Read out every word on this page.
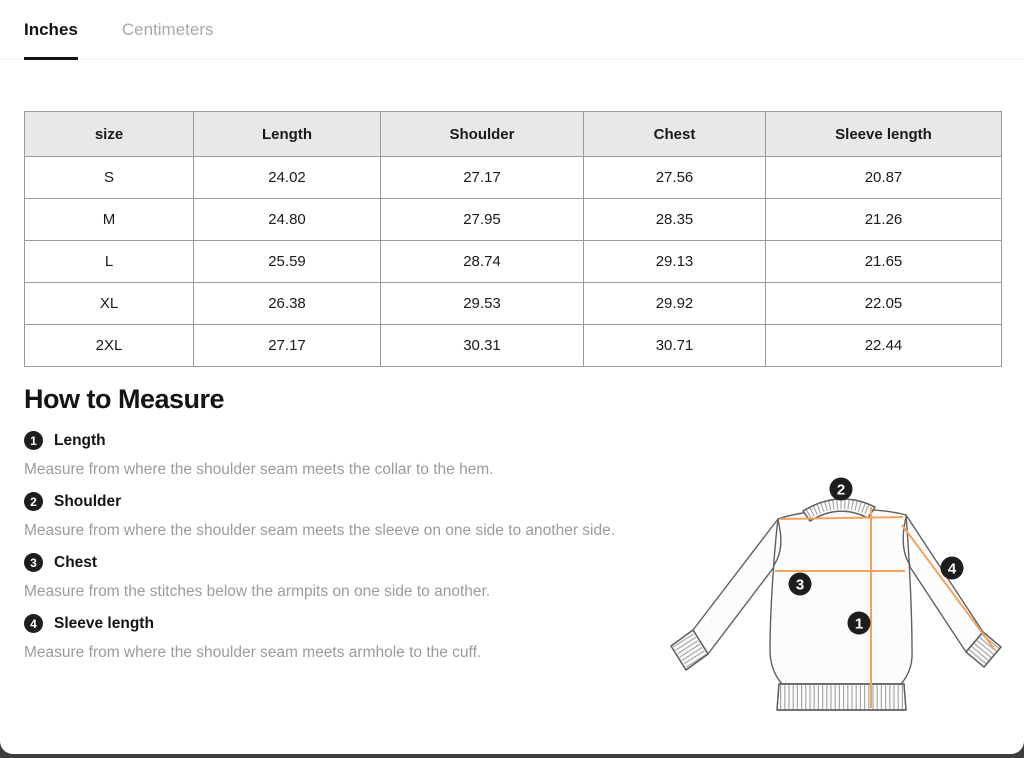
Inches	Centimeters
size	Length	Shoulder	Chest	Sleeve length
S	24.02	27.17	27.56	20.87
M	24.80	27.95	28.35	21.26
L	25.59	28.74	29.13	21.65
XL	26.38	29.53	29.92	22.05
2XL	27.17	30.31	30.71	22.44
How to Measure
1	Length

Measure from where the shoulder seam meets the collar to the hem.

2	Shoulder

Measure from where the shoulder seam meets the sleeve on one side to another side.

3	Chest

Measure from the stitches below the armpits on one side to another.

4	Sleeve length

Measure from where the shoulder seam meets armhole to the cuff.

2
4
3
1
